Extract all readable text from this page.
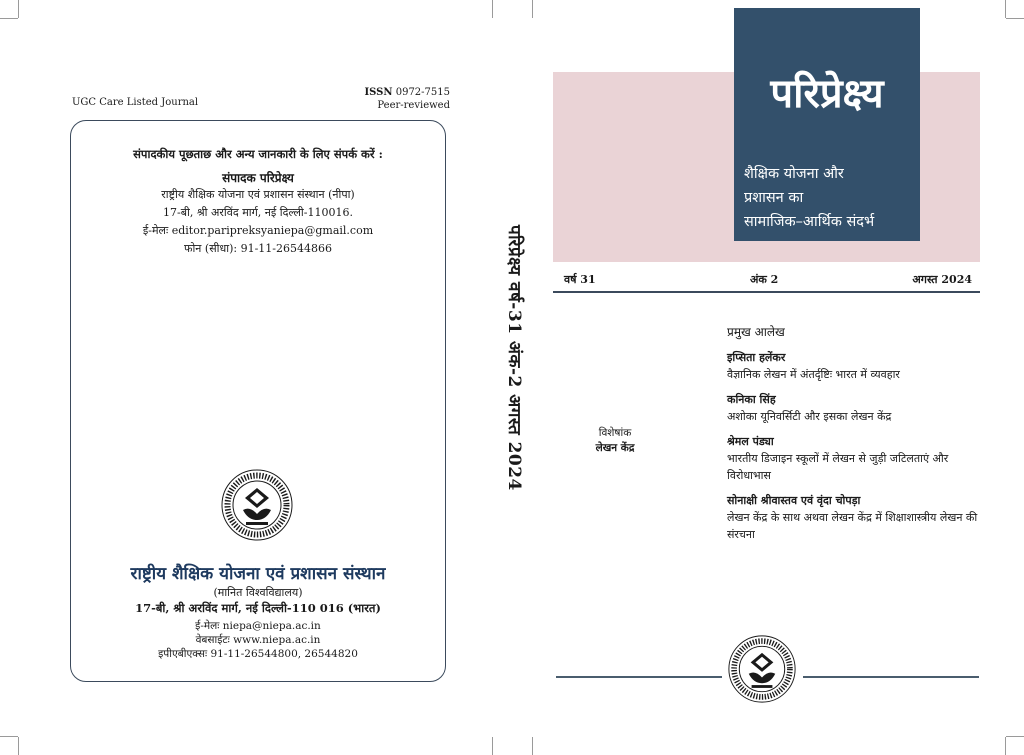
UGC Care Listed Journal
ISSN 0972-7515
Peer-reviewed
संपादकीय पूछताछ और अन्य जानकारी के लिए संपर्क करें :
संपादक परिप्रेक्ष्य
राष्ट्रीय शैक्षिक योजना एवं प्रशासन संस्थान (नीपा)
17-बी, श्री अरविंद मार्ग, नई दिल्ली-110016.
ई-मेलः editor.paripreksyaniepa@gmail.com
फोन (सीधा): 91-11-26544866
राष्ट्रीय शैक्षिक योजना एवं प्रशासन संस्थान
(मानित विश्वविद्यालय)
17-बी, श्री अरविंद मार्ग, नई दिल्ली-110 016 (भारत)
ई-मेलः niepa@niepa.ac.in
वेबसाईटः www.niepa.ac.in
इपीएबीएक्सः 91-11-26544800, 26544820
परिप्रेक्ष्य वर्ष-31 अंक-2 अगस्त 2024
परिप्रेक्ष्य
शैक्षिक योजना और
प्रशासन का
सामाजिक–आर्थिक संदर्भ
वर्ष 31	अंक 2	अगस्त 2024
विशेषांक
लेखन केंद्र
प्रमुख आलेख
इप्सिता हलेंकर
वैज्ञानिक लेखन में अंतर्दृष्टिः भारत में व्यवहार
कनिका सिंह
अशोका यूनिवर्सिटी और इसका लेखन केंद्र
श्रेमल पंड्या
भारतीय डिजाइन स्कूलों में लेखन से जुड़ी जटिलताएं और विरोधाभास
सोनाक्षी श्रीवास्तव एवं वृंदा चोपड़ा
लेखन केंद्र के साथ अथवा लेखन केंद्र में शिक्षाशास्त्रीय लेखन की संरचना
